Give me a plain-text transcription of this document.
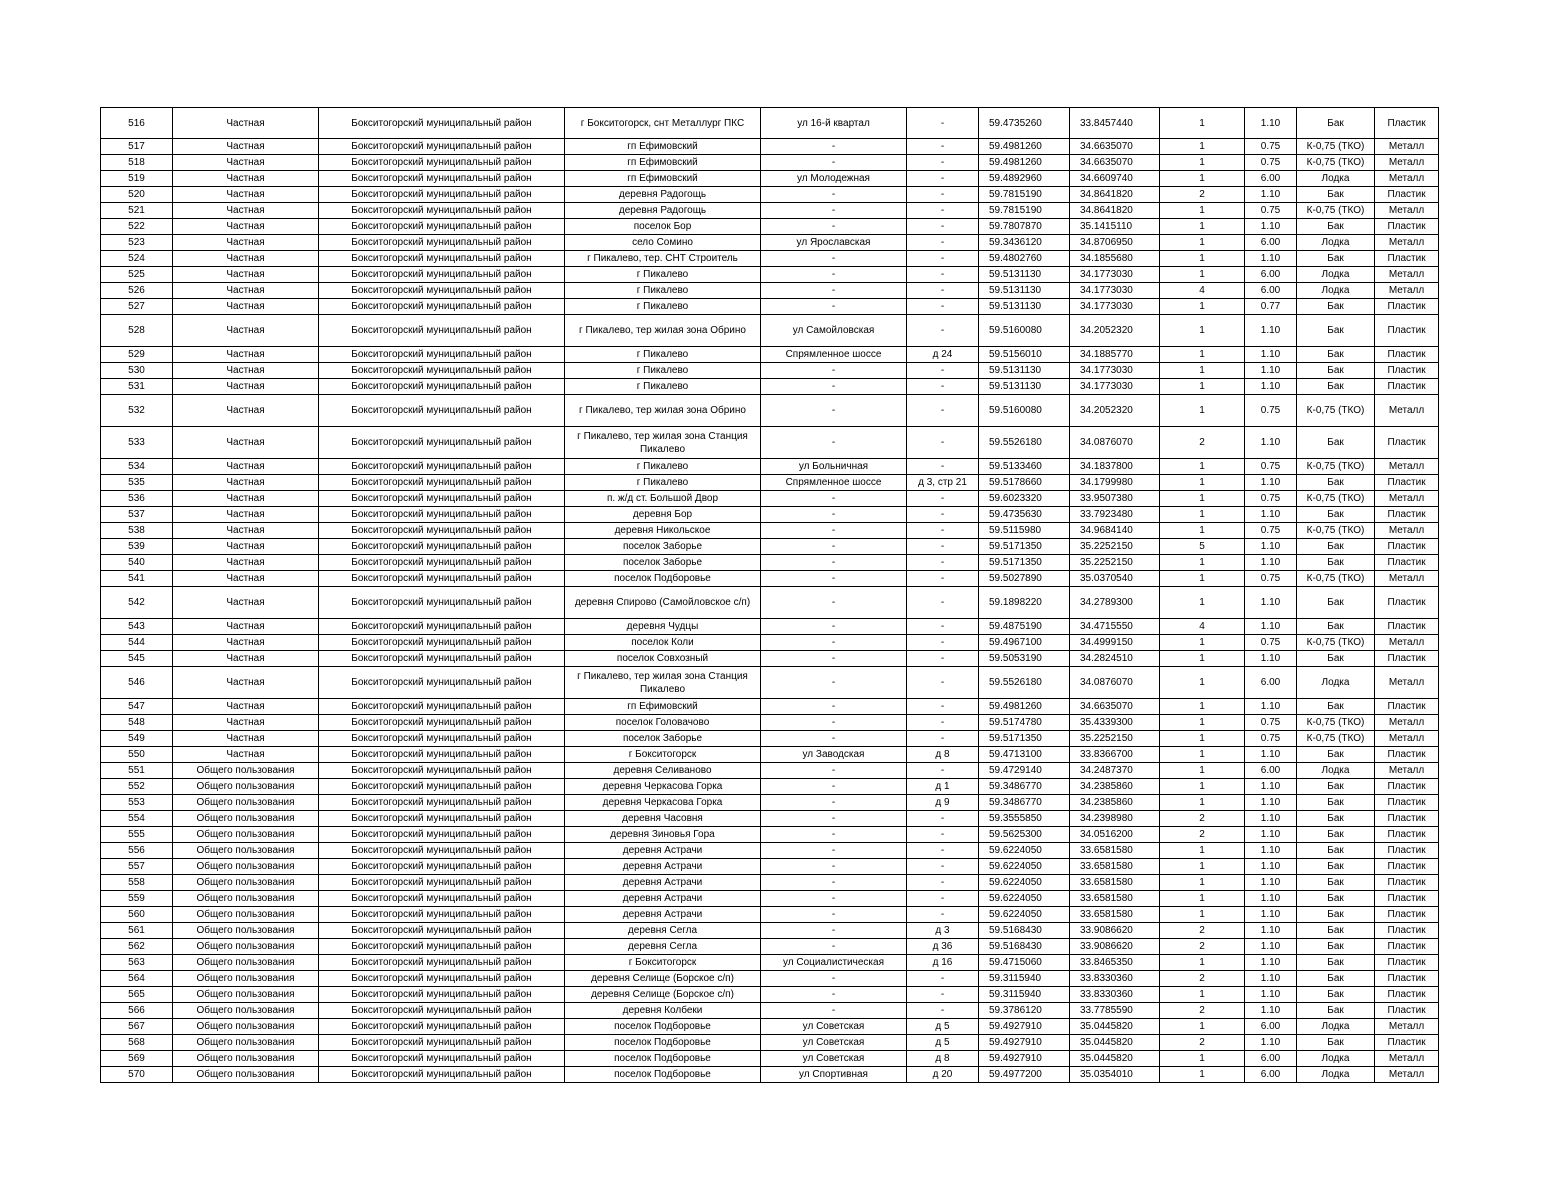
516	Частная	Бокситогорский муниципальный район	г Бокситогорск, снт Металлург ПКС	ул 16-й квартал	-	59.4735260	33.8457440	1	1.10	Бак	Пластик
517	Частная	Бокситогорский муниципальный район	гп Ефимовский	-	-	59.4981260	34.6635070	1	0.75	К-0,75 (ТКО)	Металл
518	Частная	Бокситогорский муниципальный район	гп Ефимовский	-	-	59.4981260	34.6635070	1	0.75	К-0,75 (ТКО)	Металл
519	Частная	Бокситогорский муниципальный район	гп Ефимовский	ул Молодежная	-	59.4892960	34.6609740	1	6.00	Лодка	Металл
520	Частная	Бокситогорский муниципальный район	деревня Радогощь	-	-	59.7815190	34.8641820	2	1.10	Бак	Пластик
521	Частная	Бокситогорский муниципальный район	деревня Радогощь	-	-	59.7815190	34.8641820	1	0.75	К-0,75 (ТКО)	Металл
522	Частная	Бокситогорский муниципальный район	поселок Бор	-	-	59.7807870	35.1415110	1	1.10	Бак	Пластик
523	Частная	Бокситогорский муниципальный район	село Сомино	ул Ярославская	-	59.3436120	34.8706950	1	6.00	Лодка	Металл
524	Частная	Бокситогорский муниципальный район	г Пикалево, тер. СНТ Строитель	-	-	59.4802760	34.1855680	1	1.10	Бак	Пластик
525	Частная	Бокситогорский муниципальный район	г Пикалево	-	-	59.5131130	34.1773030	1	6.00	Лодка	Металл
526	Частная	Бокситогорский муниципальный район	г Пикалево	-	-	59.5131130	34.1773030	4	6.00	Лодка	Металл
527	Частная	Бокситогорский муниципальный район	г Пикалево	-	-	59.5131130	34.1773030	1	0.77	Бак	Пластик
528	Частная	Бокситогорский муниципальный район	г Пикалево, тер жилая зона Обрино	ул Самойловская	-	59.5160080	34.2052320	1	1.10	Бак	Пластик
529	Частная	Бокситогорский муниципальный район	г Пикалево	Спрямленное шоссе	д 24	59.5156010	34.1885770	1	1.10	Бак	Пластик
530	Частная	Бокситогорский муниципальный район	г Пикалево	-	-	59.5131130	34.1773030	1	1.10	Бак	Пластик
531	Частная	Бокситогорский муниципальный район	г Пикалево	-	-	59.5131130	34.1773030	1	1.10	Бак	Пластик
532	Частная	Бокситогорский муниципальный район	г Пикалево, тер жилая зона Обрино	-	-	59.5160080	34.2052320	1	0.75	К-0,75 (ТКО)	Металл
533	Частная	Бокситогорский муниципальный район	г Пикалево, тер жилая зона Станция Пикалево	-	-	59.5526180	34.0876070	2	1.10	Бак	Пластик
534	Частная	Бокситогорский муниципальный район	г Пикалево	ул Больничная	-	59.5133460	34.1837800	1	0.75	К-0,75 (ТКО)	Металл
535	Частная	Бокситогорский муниципальный район	г Пикалево	Спрямленное шоссе	д 3, стр 21	59.5178660	34.1799980	1	1.10	Бак	Пластик
536	Частная	Бокситогорский муниципальный район	п. ж/д ст. Большой Двор	-	-	59.6023320	33.9507380	1	0.75	К-0,75 (ТКО)	Металл
537	Частная	Бокситогорский муниципальный район	деревня Бор	-	-	59.4735630	33.7923480	1	1.10	Бак	Пластик
538	Частная	Бокситогорский муниципальный район	деревня Никольское	-	-	59.5115980	34.9684140	1	0.75	К-0,75 (ТКО)	Металл
539	Частная	Бокситогорский муниципальный район	поселок Заборье	-	-	59.5171350	35.2252150	5	1.10	Бак	Пластик
540	Частная	Бокситогорский муниципальный район	поселок Заборье	-	-	59.5171350	35.2252150	1	1.10	Бак	Пластик
541	Частная	Бокситогорский муниципальный район	поселок Подборовье	-	-	59.5027890	35.0370540	1	0.75	К-0,75 (ТКО)	Металл
542	Частная	Бокситогорский муниципальный район	деревня Спирово (Самойловское с/п)	-	-	59.1898220	34.2789300	1	1.10	Бак	Пластик
543	Частная	Бокситогорский муниципальный район	деревня Чудцы	-	-	59.4875190	34.4715550	4	1.10	Бак	Пластик
544	Частная	Бокситогорский муниципальный район	поселок Коли	-	-	59.4967100	34.4999150	1	0.75	К-0,75 (ТКО)	Металл
545	Частная	Бокситогорский муниципальный район	поселок Совхозный	-	-	59.5053190	34.2824510	1	1.10	Бак	Пластик
546	Частная	Бокситогорский муниципальный район	г Пикалево, тер жилая зона Станция Пикалево	-	-	59.5526180	34.0876070	1	6.00	Лодка	Металл
547	Частная	Бокситогорский муниципальный район	гп Ефимовский	-	-	59.4981260	34.6635070	1	1.10	Бак	Пластик
548	Частная	Бокситогорский муниципальный район	поселок Головачово	-	-	59.5174780	35.4339300	1	0.75	К-0,75 (ТКО)	Металл
549	Частная	Бокситогорский муниципальный район	поселок Заборье	-	-	59.5171350	35.2252150	1	0.75	К-0,75 (ТКО)	Металл
550	Частная	Бокситогорский муниципальный район	г Бокситогорск	ул Заводская	д 8	59.4713100	33.8366700	1	1.10	Бак	Пластик
551	Общего пользования	Бокситогорский муниципальный район	деревня Селиваново	-	-	59.4729140	34.2487370	1	6.00	Лодка	Металл
552	Общего пользования	Бокситогорский муниципальный район	деревня Черкасова Горка	-	д 1	59.3486770	34.2385860	1	1.10	Бак	Пластик
553	Общего пользования	Бокситогорский муниципальный район	деревня Черкасова Горка	-	д 9	59.3486770	34.2385860	1	1.10	Бак	Пластик
554	Общего пользования	Бокситогорский муниципальный район	деревня Часовня	-	-	59.3555850	34.2398980	2	1.10	Бак	Пластик
555	Общего пользования	Бокситогорский муниципальный район	деревня Зиновья Гора	-	-	59.5625300	34.0516200	2	1.10	Бак	Пластик
556	Общего пользования	Бокситогорский муниципальный район	деревня Астрачи	-	-	59.6224050	33.6581580	1	1.10	Бак	Пластик
557	Общего пользования	Бокситогорский муниципальный район	деревня Астрачи	-	-	59.6224050	33.6581580	1	1.10	Бак	Пластик
558	Общего пользования	Бокситогорский муниципальный район	деревня Астрачи	-	-	59.6224050	33.6581580	1	1.10	Бак	Пластик
559	Общего пользования	Бокситогорский муниципальный район	деревня Астрачи	-	-	59.6224050	33.6581580	1	1.10	Бак	Пластик
560	Общего пользования	Бокситогорский муниципальный район	деревня Астрачи	-	-	59.6224050	33.6581580	1	1.10	Бак	Пластик
561	Общего пользования	Бокситогорский муниципальный район	деревня Сегла	-	д 3	59.5168430	33.9086620	2	1.10	Бак	Пластик
562	Общего пользования	Бокситогорский муниципальный район	деревня Сегла	-	д 36	59.5168430	33.9086620	2	1.10	Бак	Пластик
563	Общего пользования	Бокситогорский муниципальный район	г Бокситогорск	ул Социалистическая	д 16	59.4715060	33.8465350	1	1.10	Бак	Пластик
564	Общего пользования	Бокситогорский муниципальный район	деревня Селище (Борское с/п)	-	-	59.3115940	33.8330360	2	1.10	Бак	Пластик
565	Общего пользования	Бокситогорский муниципальный район	деревня Селище (Борское с/п)	-	-	59.3115940	33.8330360	1	1.10	Бак	Пластик
566	Общего пользования	Бокситогорский муниципальный район	деревня Колбеки	-	-	59.3786120	33.7785590	2	1.10	Бак	Пластик
567	Общего пользования	Бокситогорский муниципальный район	поселок Подборовье	ул Советская	д 5	59.4927910	35.0445820	1	6.00	Лодка	Металл
568	Общего пользования	Бокситогорский муниципальный район	поселок Подборовье	ул Советская	д 5	59.4927910	35.0445820	2	1.10	Бак	Пластик
569	Общего пользования	Бокситогорский муниципальный район	поселок Подборовье	ул Советская	д 8	59.4927910	35.0445820	1	6.00	Лодка	Металл
570	Общего пользования	Бокситогорский муниципальный район	поселок Подборовье	ул Спортивная	д 20	59.4977200	35.0354010	1	6.00	Лодка	Металл
